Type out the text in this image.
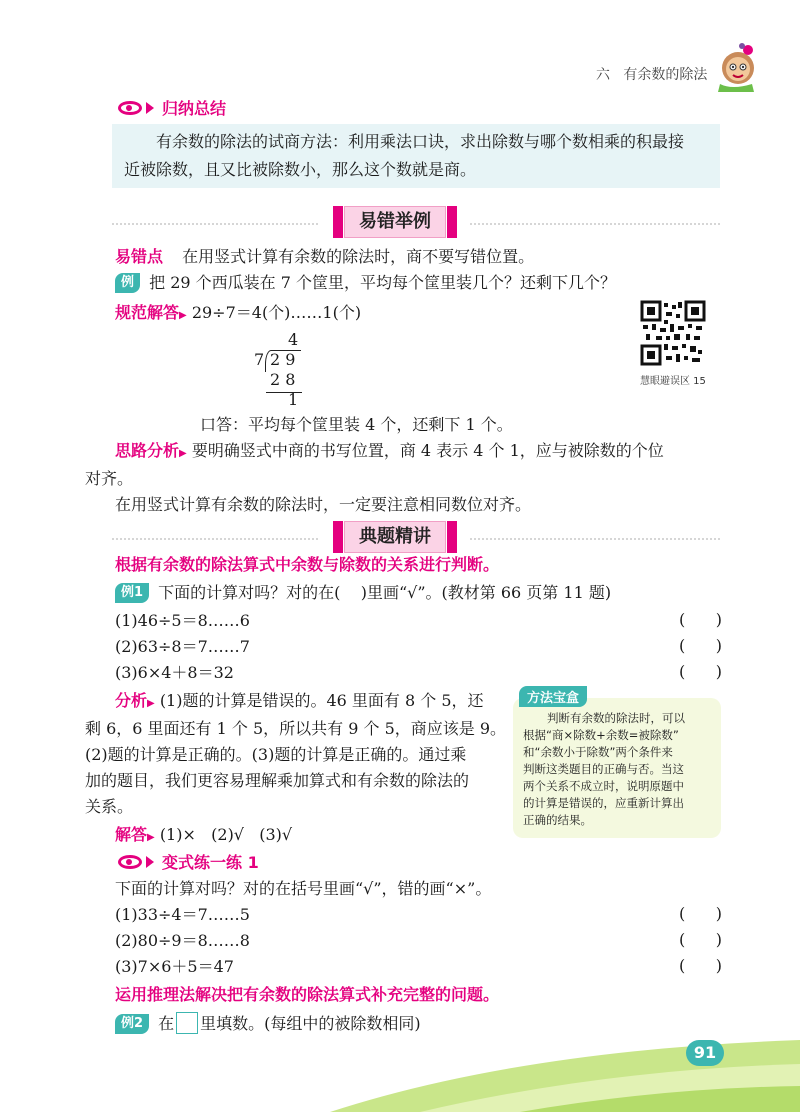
六   有余数的除法
归纳总结
有余数的除法的试商方法：利用乘法口诀，求出除数与哪个数相乘的积最接
近被除数，且又比被除数小，那么这个数就是商。
易错举例
易错点 在用竖式计算有余数的除法时，商不要写错位置。
例 把 29 个西瓜装在 7 个筐里，平均每个筐里装几个？还剩下几个？
规范解答▶ 29÷7＝4(个)……1(个)
4
7 2 9
2 8
1
慧眼避误区 15
口答：平均每个筐里装 4 个，还剩下 1 个。
思路分析▶ 要明确竖式中商的书写位置，商 4 表示 4 个 1，应与被除数的个位
对齐。
在用竖式计算有余数的除法时，一定要注意相同数位对齐。
典题精讲
根据有余数的除法算式中余数与除数的关系进行判断。
例1 下面的计算对吗？对的在(    )里画“√”。(教材第 66 页第 11 题)
(1)46÷5＝8……6	(      )
(2)63÷8＝7……7	(      )
(3)6×4＋8＝32	(      )
分析▶ (1)题的计算是错误的。46 里面有 8 个 5，还
剩 6，6 里面还有 1 个 5，所以共有 9 个 5，商应该是 9。
(2)题的计算是正确的。(3)题的计算是正确的。通过乘
加的题目，我们更容易理解乘加算式和有余数的除法的
关系。
方法宝盒
判断有余数的除法时，可以
根据“商×除数+余数=被除数”
和“余数小于除数”两个条件来
判断这类题目的正确与否。当这
两个关系不成立时，说明原题中
的计算是错误的，应重新计算出
正确的结果。
解答▶ (1)×   (2)√   (3)√
变式练一练 1
下面的计算对吗？对的在括号里画“√”，错的画“×”。
(1)33÷4＝7……5	(      )
(2)80÷9＝8……8	(      )
(3)7×6＋5＝47	(      )
运用推理法解决把有余数的除法算式补充完整的问题。
例2 在 里填数。(每组中的被除数相同)
91
